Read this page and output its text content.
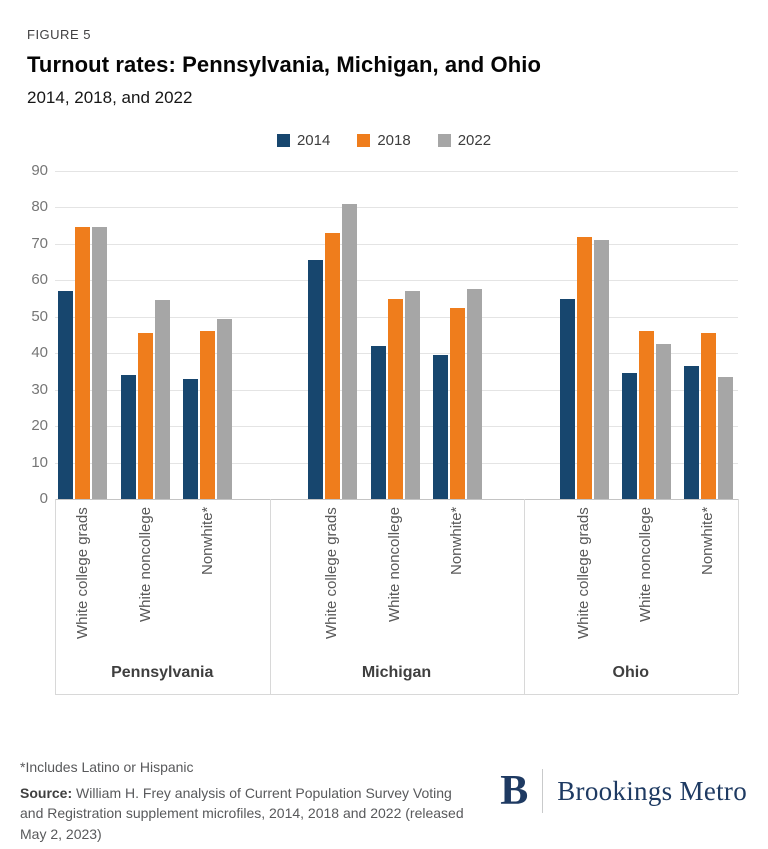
FIGURE 5
Turnout rates: Pennsylvania, Michigan, and Ohio
2014, 2018, and 2022
2014	2018	2022
90
80
70
60
50
40
30
20
10
0
White college grads	White noncollege	Nonwhite*
Pennsylvania
White college grads	White noncollege	Nonwhite*
Michigan
White college grads	White noncollege	Nonwhite*
Ohio
*Includes Latino or Hispanic
Source: William H. Frey analysis of Current Population Survey Voting and Registration supplement microfiles, 2014, 2018 and 2022 (released May 2, 2023)
B Brookings Metro
